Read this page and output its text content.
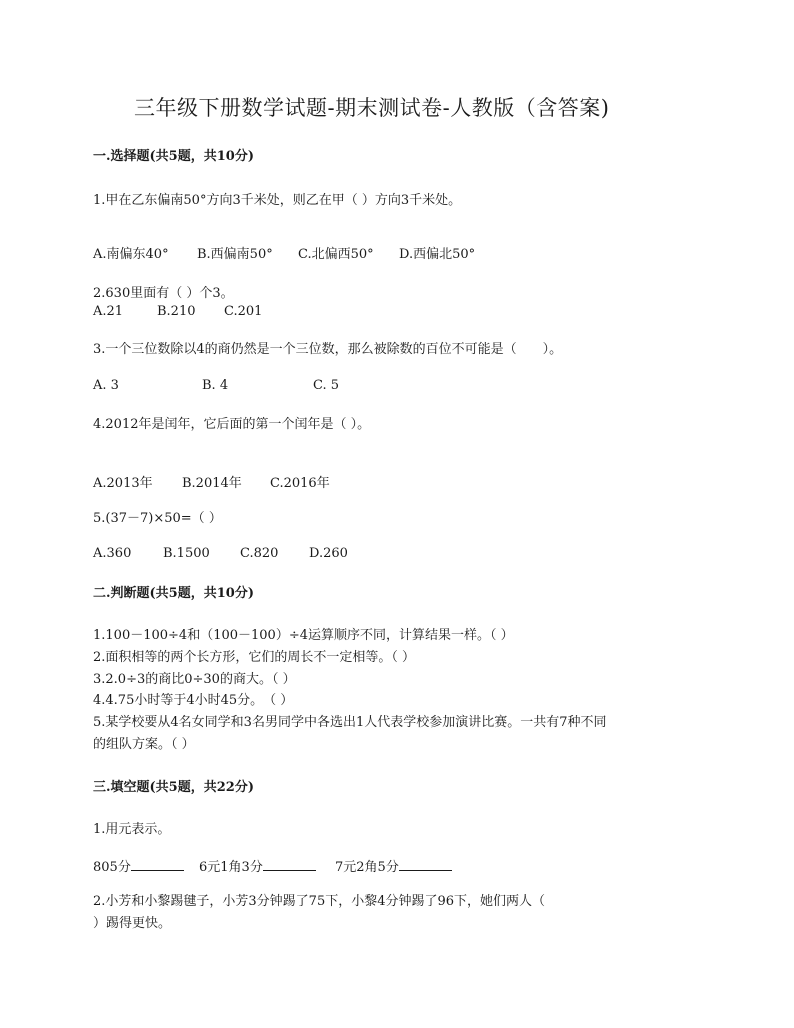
三年级下册数学试题-期末测试卷-人教版（含答案)
一.选择题(共5题，共10分)
1.甲在乙东偏南50°方向3千米处，则乙在甲（ ）方向3千米处。
A.南偏东40° B.西偏南50° C.北偏西50° D.西偏北50°
2.630里面有（ ）个3。
A.21	B.210 C.201
3.一个三位数除以4的商仍然是一个三位数，那么被除数的百位不可能是（　　）。
A. 3	B. 4	C. 5
4.2012年是闰年，它后面的第一个闰年是（ ）。
A.2013年 B.2014年 C.2016年
5.(37－7)×50=（ ）
A.360 B.1500 C.820 D.260
二.判断题(共5题，共10分)
1.100－100÷4和（100－100）÷4运算顺序不同，计算结果一样。（ ）
2.面积相等的两个长方形，它们的周长不一定相等。（ ）
3.2.0÷3的商比0÷30的商大。（ ）
4.4.75小时等于4小时45分。　（ ）
5.某学校要从4名女同学和3名男同学中各选出1人代表学校参加演讲比赛。一共有7种不同
的组队方案。（ ）
三.填空题(共5题，共22分)
1.用元表示。
805分	6元1角3分	7元2角5分
2.小芳和小黎踢毽子，小芳3分钟踢了75下，小黎4分钟踢了96下，她们两人（
）踢得更快。
